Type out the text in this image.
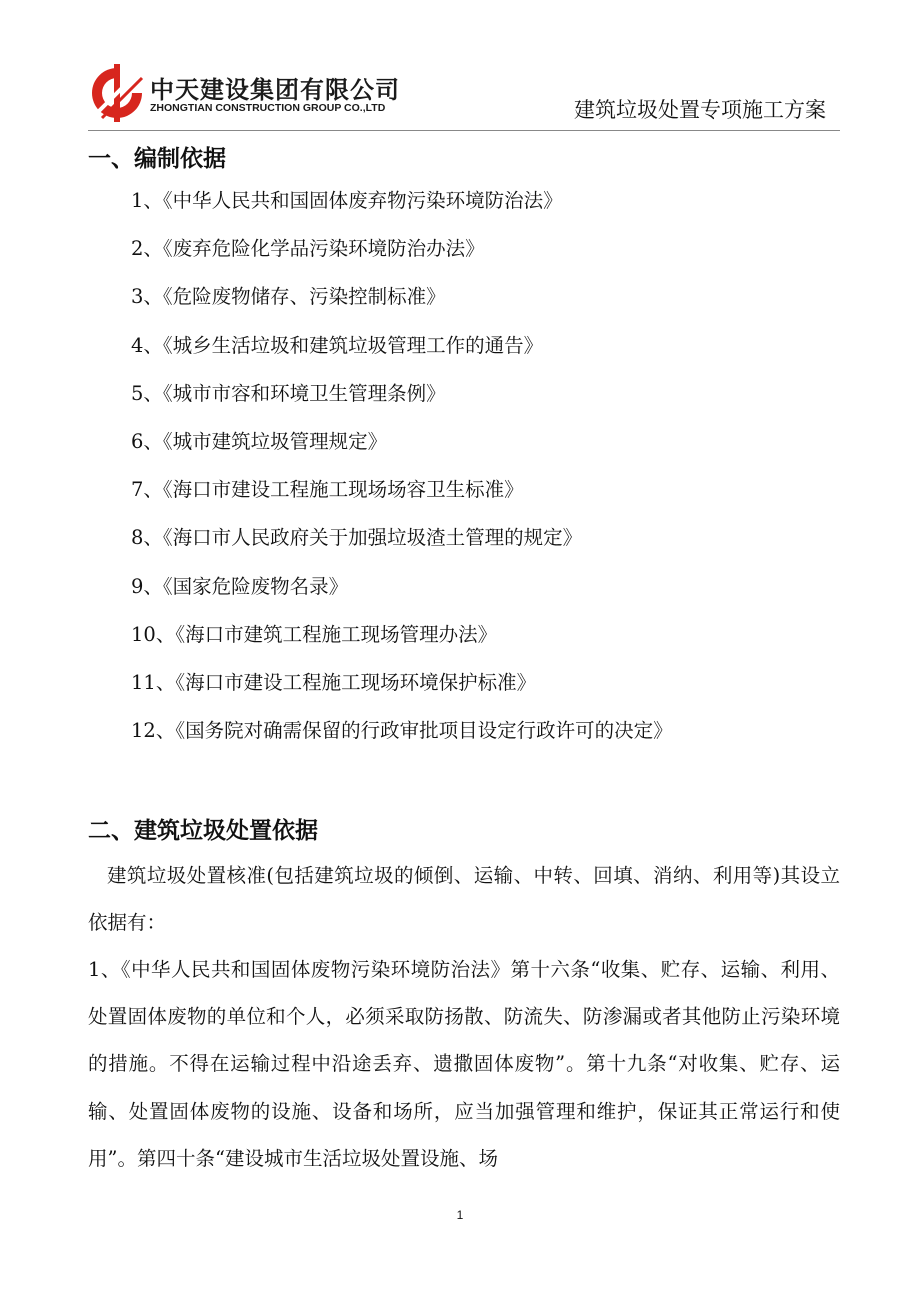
中天建设集团有限公司
ZHONGTIAN CONSTRUCTION GROUP CO.,LTD	建筑垃圾处置专项施工方案
一、编制依据
1、《中华人民共和国固体废弃物污染环境防治法》
2、《废弃危险化学品污染环境防治办法》
3、《危险废物储存、污染控制标准》
4、《城乡生活垃圾和建筑垃圾管理工作的通告》
5、《城市市容和环境卫生管理条例》
6、《城市建筑垃圾管理规定》
7、《海口市建设工程施工现场场容卫生标准》
8、《海口市人民政府关于加强垃圾渣土管理的规定》
9、《国家危险废物名录》
10、《海口市建筑工程施工现场管理办法》
11、《海口市建设工程施工现场环境保护标准》
12、《国务院对确需保留的行政审批项目设定行政许可的决定》
二、建筑垃圾处置依据

建筑垃圾处置核准(包括建筑垃圾的倾倒、运输、中转、回填、消纳、利用等)其设立依据有：

1、《中华人民共和国固体废物污染环境防治法》第十六条“收集、贮存、运输、利用、处置固体废物的单位和个人，必须采取防扬散、防流失、防渗漏或者其他防止污染环境的措施。不得在运输过程中沿途丢弃、遗撒固体废物”。第十九条“对收集、贮存、运输、处置固体废物的设施、设备和场所，应当加强管理和维护，保证其正常运行和使用”。第四十条“建设城市生活垃圾处置设施、场

1
